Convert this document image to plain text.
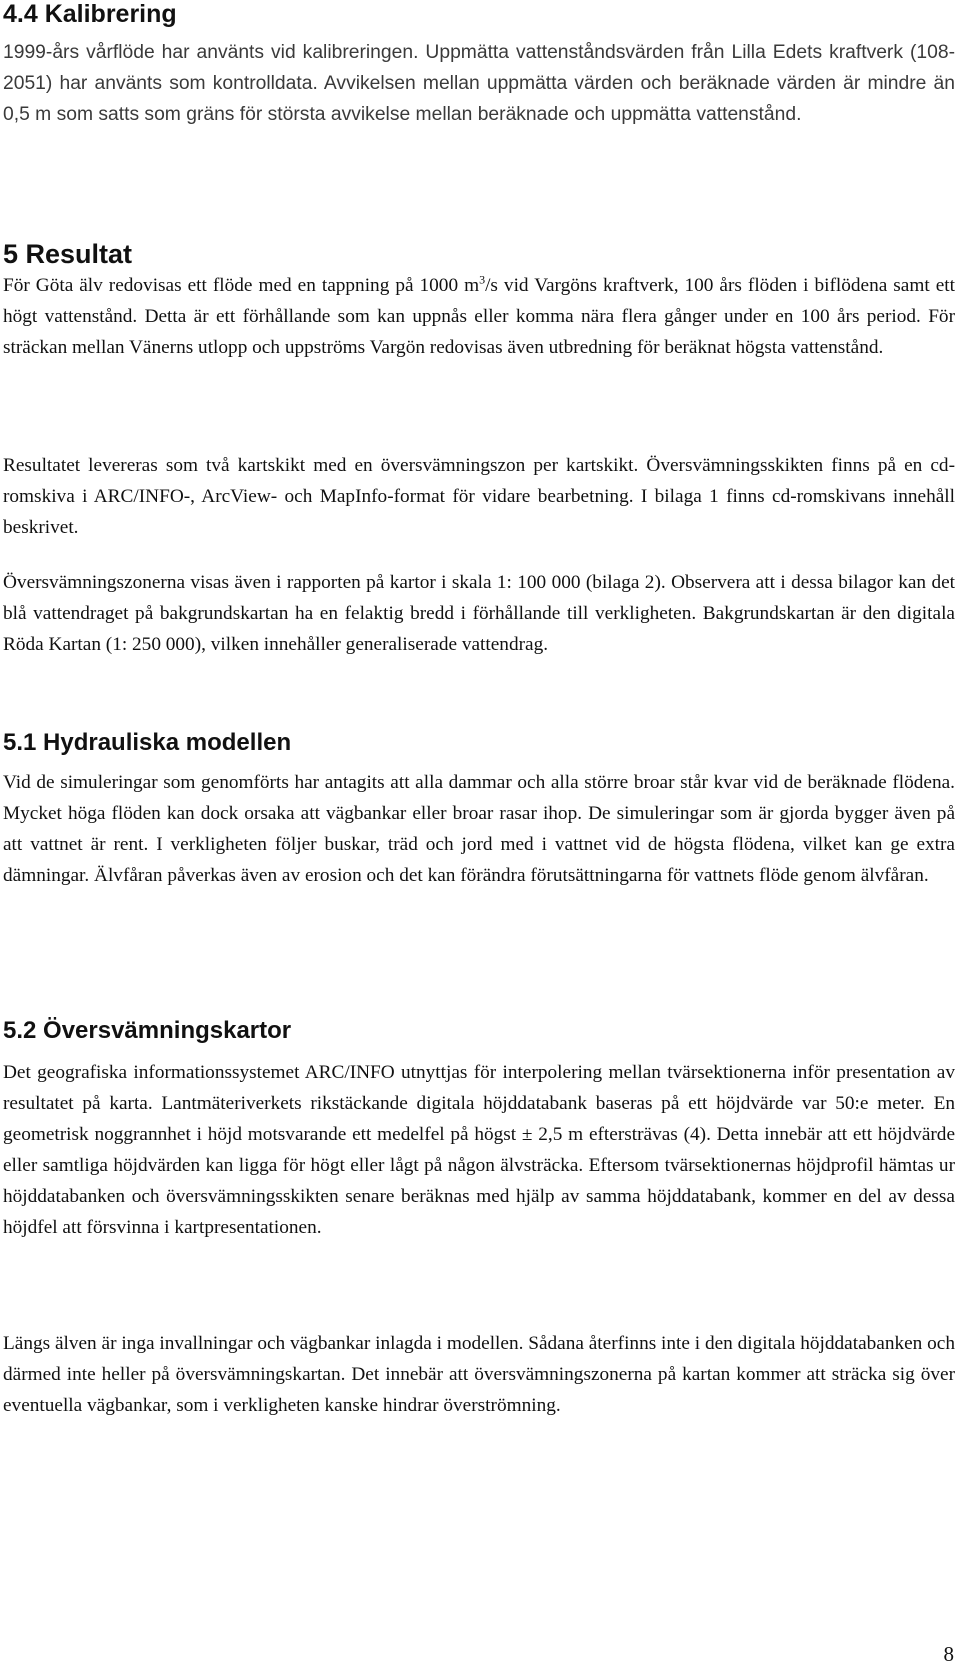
4.4 Kalibrering
1999-års vårflöde har använts vid kalibreringen. Uppmätta vattenståndsvärden från Lilla Edets kraftverk (108-2051) har använts som kontrolldata. Avvikelsen mellan uppmätta värden och beräknade värden är mindre än 0,5 m som satts som gräns för största avvikelse mellan beräknade och uppmätta vattenstånd.
5 Resultat
För Göta älv redovisas ett flöde med en tappning på 1000 $m^3/s$ vid Vargöns kraftverk, 100 års flöden i biflödena samt ett högt vattenstånd. Detta är ett förhållande som kan uppnås eller komma nära flera gånger under en 100 års period. För sträckan mellan Vänerns utlopp och uppströms Vargön redovisas även utbredning för beräknat högsta vattenstånd.
Resultatet levereras som två kartskikt med en översvämningszon per kartskikt. Översvämningsskikten finns på en cd-romskiva i ARC/INFO-, ArcView- och MapInfo-format för vidare bearbetning. I bilaga 1 finns cd-romskivans innehåll beskrivet.
Översvämningszonerna visas även i rapporten på kartor i skala 1: 100 000 (bilaga 2). Observera att i dessa bilagor kan det blå vattendraget på bakgrundskartan ha en felaktig bredd i förhållande till verkligheten. Bakgrundskartan är den digitala Röda Kartan (1: 250 000), vilken innehåller generaliserade vattendrag.
5.1 Hydrauliska modellen
Vid de simuleringar som genomförts har antagits att alla dammar och alla större broar står kvar vid de beräknade flödena. Mycket höga flöden kan dock orsaka att vägbankar eller broar rasar ihop. De simuleringar som är gjorda bygger även på att vattnet är rent. I verkligheten följer buskar, träd och jord med i vattnet vid de högsta flödena, vilket kan ge extra dämningar. Älvfåran påverkas även av erosion och det kan förändra förutsättningarna för vattnets flöde genom älvfåran.
5.2 Översvämningskartor
Det geografiska informationssystemet ARC/INFO utnyttjas för interpolering mellan tvärsektionerna inför presentation av resultatet på karta. Lantmäteriverkets rikstäckande digitala höjddatabank baseras på ett höjdvärde var 50:e meter. En geometrisk noggrannhet i höjd motsvarande ett medelfel på högst ± 2,5 m eftersträvas (4). Detta innebär att ett höjdvärde eller samtliga höjdvärden kan ligga för högt eller lågt på någon älvsträcka. Eftersom tvärsektionernas höjdprofil hämtas ur höjddatabanken och översvämningsskikten senare beräknas med hjälp av samma höjddatabank, kommer en del av dessa höjdfel att försvinna i kartpresentationen.
Längs älven är inga invallningar och vägbankar inlagda i modellen. Sådana återfinns inte i den digitala höjddatabanken och därmed inte heller på översvämningskartan. Det innebär att översvämningszonerna på kartan kommer att sträcka sig över eventuella vägbankar, som i verkligheten kanske hindrar överströmning.
8
